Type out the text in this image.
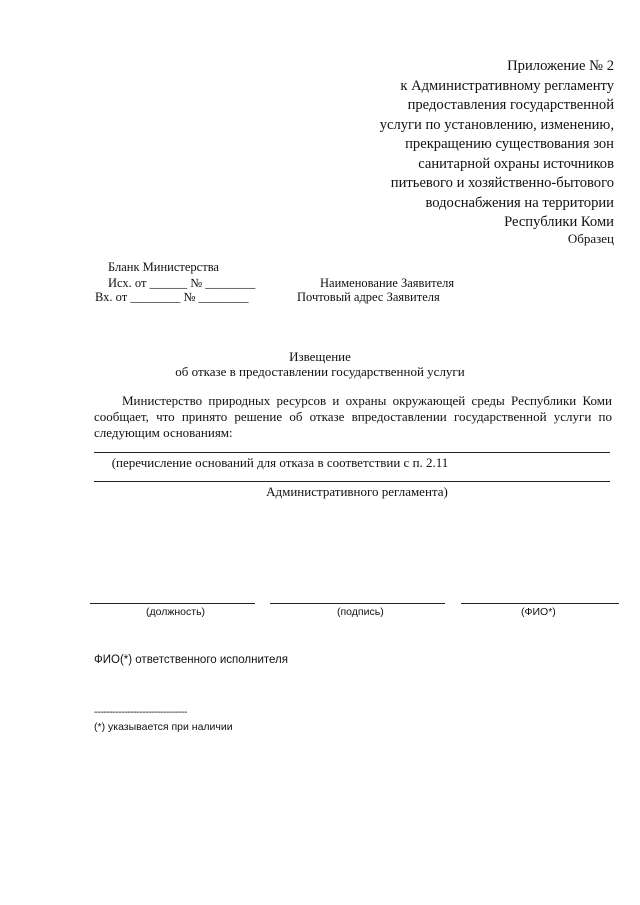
Приложение № 2
к Административному регламенту
предоставления государственной
услуги по установлению, изменению,
прекращению существования зон
санитарной охраны источников
питьевого и хозяйственно-бытового
водоснабжения на территории
Республики Коми
Образец
Бланк Министерства
Исх. от ______ № ________
Вх. от ________ № ________
Наименование Заявителя
Почтовый адрес Заявителя
Извещение
об отказе в предоставлении государственной услуги
Министерство природных ресурсов и охраны окружающей среды Республики Коми сообщает, что принято решение об отказе впредоставлении государственной услуги по следующим основаниям:
(перечисление оснований для отказа в соответствии с п. 2.11
Административного регламента)
(должность)	(подпись)	(ФИО*)
ФИО(*) ответственного исполнителя
-------------------------------
(*) указывается при наличии
